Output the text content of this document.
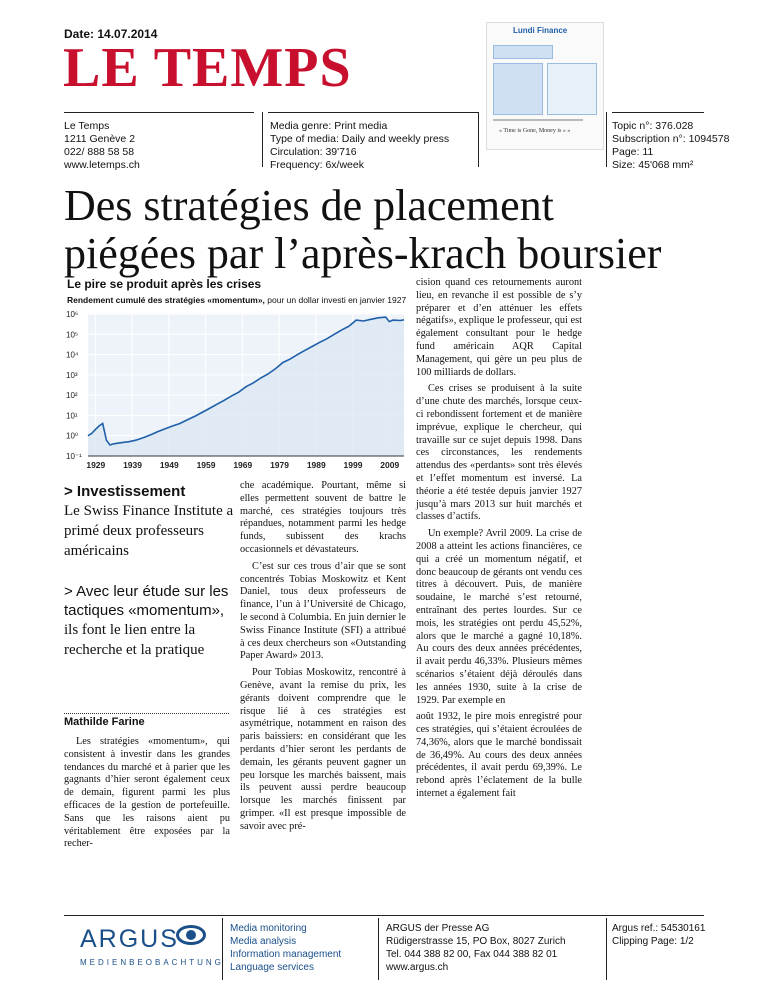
Date: 14.07.2014
LE TEMPS
Lundi Finance
« Time is Gone, Money is » »
Le Temps
1211 Genève 2
022/ 888 58 58
www.letemps.ch
Media genre: Print media
Type of media: Daily and weekly press
Circulation: 39'716
Frequency: 6x/week
Topic n°: 376.028
Subscription n°: 1094578
Page: 11
Size: 45'068 mm²
Des stratégies de placement
piégées par l’après-krach boursier
Le pire se produit après les crises
Rendement cumulé des stratégies «momentum», pour un dollar investi en janvier 1927
10⁶
10⁵
10⁴
10³
10²
10¹
10⁰
10⁻¹
1929 1939 1949 1959 1969 1979 1989 1999 2009
> Investissement
Le Swiss Finance Institute a primé deux professeurs américains
> Avec leur étude sur les tactiques «momentum»,
ils font le lien entre la recherche et la pratique
Mathilde Farine

Les stratégies «momentum», qui consistent à investir dans les grandes tendances du marché et à parier que les gagnants d’hier seront également ceux de demain, figurent parmi les plus efficaces de la gestion de portefeuille. Sans que les raisons aient pu véritablement être exposées par la recher-

che académique. Pourtant, même si elles permettent souvent de battre le marché, ces stratégies toujours très répandues, notamment parmi les hedge funds, subissent des krachs occasionnels et dévastateurs.

C’est sur ces trous d’air que se sont concentrés Tobias Moskowitz et Kent Daniel, tous deux professeurs de finance, l’un à l’Université de Chicago, le second à Columbia. En juin dernier le Swiss Finance Institute (SFI) a attribué à ces deux chercheurs son «Outstanding Paper Award» 2013.

Pour Tobias Moskowitz, rencontré à Genève, avant la remise du prix, les gérants doivent comprendre que le risque lié à ces stratégies est asymétrique, notamment en raison des paris baissiers: en considérant que les perdants d’hier seront les perdants de demain, les gérants peuvent gagner un peu lorsque les marchés baissent, mais ils peuvent aussi perdre beaucoup lorsque les marchés finissent par grimper. «Il est presque impossible de savoir avec pré-

cision quand ces retournements auront lieu, en revanche il est possible de s’y préparer et d’en atténuer les effets négatifs», explique le professeur, qui est également consultant pour le hedge fund américain AQR Capital Management, qui gère un peu plus de 100 milliards de dollars.

Ces crises se produisent à la suite d’une chute des marchés, lorsque ceux-ci rebondissent fortement et de manière imprévue, explique le chercheur, qui travaille sur ce sujet depuis 1998. Dans ces circonstances, les rendements attendus des «perdants» sont très élevés et l’effet momentum est inversé. La théorie a été testée depuis janvier 1927 jusqu’à mars 2013 sur huit marchés et classes d’actifs.

Un exemple? Avril 2009. La crise de 2008 a atteint les actions financières, ce qui a créé un momentum négatif, et donc beaucoup de gérants ont vendu ces titres à découvert. Puis, de manière soudaine, le marché s’est retourné, entraînant des pertes lourdes. Sur ce mois, les stratégies ont perdu 45,52%, alors que le marché a gagné 10,18%. Au cours des deux années précédentes, il avait perdu 46,33%. Plusieurs mêmes scénarios s’étaient déjà déroulés dans les années 1930, suite à la crise de 1929. Par exemple en

août 1932, le pire mois enregistré pour ces stratégies, qui s’étaient écroulées de 74,36%, alors que le marché bondissait de 36,49%. Au cours des deux années précédentes, il avait perdu 69,39%. Le rebond après l’éclatement de la bulle internet a également fait

ARGUS
MEDIENBEOBACHTUNG
Media monitoring
Media analysis
Information management
Language services
ARGUS der Presse AG
Rüdigerstrasse 15, PO Box, 8027 Zurich
Tel. 044 388 82 00, Fax 044 388 82 01
www.argus.ch
Argus ref.: 54530161
Clipping Page: 1/2
